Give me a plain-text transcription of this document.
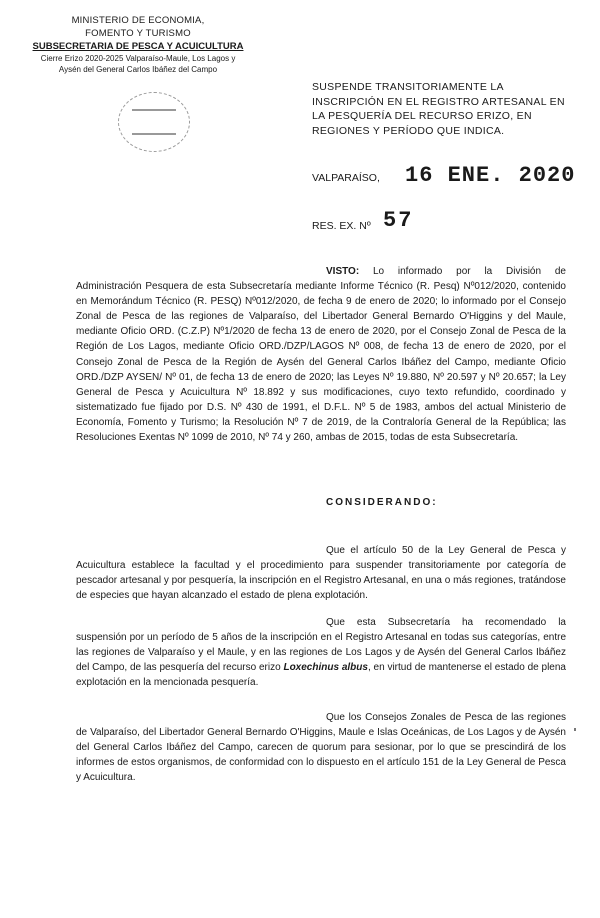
MINISTERIO DE ECONOMIA,
FOMENTO Y TURISMO
SUBSECRETARIA DE PESCA Y ACUICULTURA
Cierre Erizo 2020-2025 Valparaíso-Maule, Los Lagos y
Aysén del General Carlos Ibáñez del Campo
SUSPENDE TRANSITORIAMENTE LA INSCRIPCIÓN EN EL REGISTRO ARTESANAL EN LA PESQUERÍA DEL RECURSO ERIZO, EN REGIONES Y PERÍODO QUE INDICA.
VALPARAÍSO, 16 ENE. 2020
RES. EX. Nº 57
VISTO: Lo informado por la División de Administración Pesquera de esta Subsecretaría mediante Informe Técnico (R. Pesq) Nº012/2020, contenido en Memorándum Técnico (R. PESQ) Nº012/2020, de fecha 9 de enero de 2020; lo informado por el Consejo Zonal de Pesca de las regiones de Valparaíso, del Libertador General Bernardo O'Higgins y del Maule, mediante Oficio ORD. (C.Z.P) Nº1/2020 de fecha 13 de enero de 2020, por el Consejo Zonal de Pesca de la Región de Los Lagos, mediante Oficio ORD./DZP/LAGOS Nº 008, de fecha 13 de enero de 2020, por el Consejo Zonal de Pesca de la Región de Aysén del General Carlos Ibáñez del Campo, mediante Oficio ORD./DZP AYSEN/ Nº 01, de fecha 13 de enero de 2020; las Leyes Nº 19.880, Nº 20.597 y Nº 20.657; la Ley General de Pesca y Acuicultura Nº 18.892 y sus modificaciones, cuyo texto refundido, coordinado y sistematizado fue fijado por D.S. Nº 430 de 1991, el D.F.L. Nº 5 de 1983, ambos del actual Ministerio de Economía, Fomento y Turismo; la Resolución Nº 7 de 2019, de la Contraloría General de la República; las Resoluciones Exentas Nº 1099 de 2010, Nº 74 y 260, ambas de 2015, todas de esta Subsecretaría.
CONSIDERANDO:
Que el artículo 50 de la Ley General de Pesca y Acuicultura establece la facultad y el procedimiento para suspender transitoriamente por categoría de pescador artesanal y por pesquería, la inscripción en el Registro Artesanal, en una o más regiones, tratándose de especies que hayan alcanzado el estado de plena explotación.
Que esta Subsecretaría ha recomendado la suspensión por un período de 5 años de la inscripción en el Registro Artesanal en todas sus categorías, entre las regiones de Valparaíso y el Maule, y en las regiones de Los Lagos y de Aysén del General Carlos Ibáñez del Campo, de las pesquería del recurso erizo Loxechinus albus, en virtud de mantenerse el estado de plena explotación en la mencionada pesquería.
Que los Consejos Zonales de Pesca de las regiones de Valparaíso, del Libertador General Bernardo O'Higgins, Maule e Islas Oceánicas, de Los Lagos y de Aysén del General Carlos Ibáñez del Campo, carecen de quorum para sesionar, por lo que se prescindirá de los informes de estos organismos, de conformidad con lo dispuesto en el artículo 151 de la Ley General de Pesca y Acuicultura.
